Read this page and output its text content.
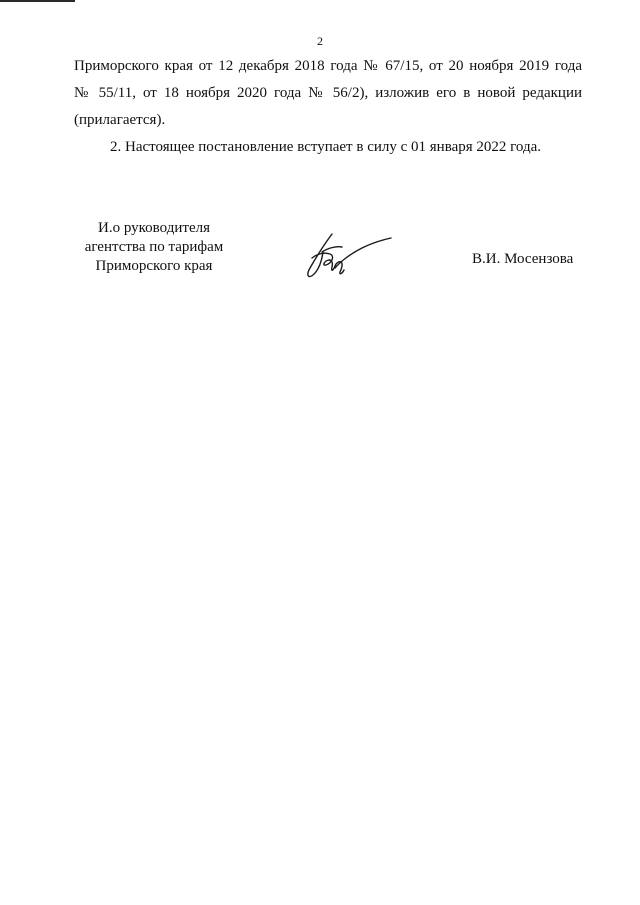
2

Приморского края от 12 декабря 2018 года № 67/15, от 20 ноября 2019 года
№ 55/11, от 18 ноября 2020 года № 56/2), изложив его в новой редакции
(прилагается).

2. Настоящее постановление вступает в силу с 01 января 2022 года.

И.о руководителя
агентства по тарифам
Приморского края	В.И. Мосензова
